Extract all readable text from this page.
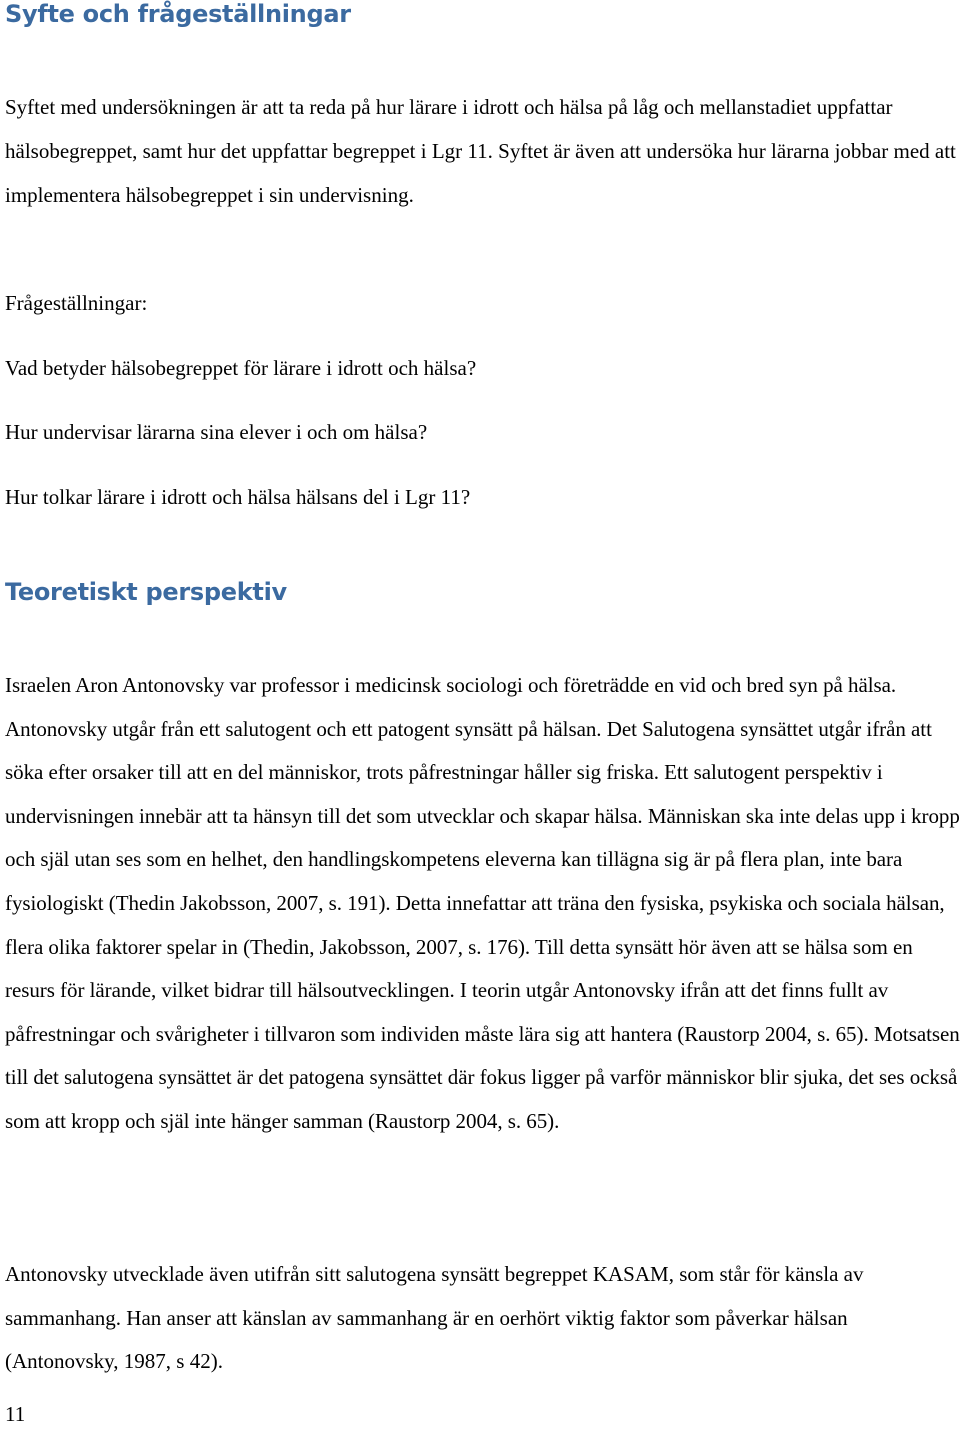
Syfte och frågeställningar

Syftet med undersökningen är att ta reda på hur lärare i idrott och hälsa på låg och mellanstadiet uppfattar hälsobegreppet, samt hur det uppfattar begreppet i Lgr 11. Syftet är även att undersöka hur lärarna jobbar med att implementera hälsobegreppet i sin undervisning.

Frågeställningar:

Vad betyder hälsobegreppet för lärare i idrott och hälsa?

Hur undervisar lärarna sina elever i och om hälsa?

Hur tolkar lärare i idrott och hälsa hälsans del i Lgr 11?

Teoretiskt perspektiv

Israelen Aron Antonovsky var professor i medicinsk sociologi och företrädde en vid och bred syn på hälsa. Antonovsky utgår från ett salutogent och ett patogent synsätt på hälsan. Det Salutogena synsättet utgår ifrån att söka efter orsaker till att en del människor, trots påfrestningar håller sig friska. Ett salutogent perspektiv i undervisningen innebär att ta hänsyn till det som utvecklar och skapar hälsa. Människan ska inte delas upp i kropp och själ utan ses som en helhet, den handlingskompetens eleverna kan tillägna sig är på flera plan, inte bara fysiologiskt (Thedin Jakobsson, 2007, s. 191). Detta innefattar att träna den fysiska, psykiska och sociala hälsan, flera olika faktorer spelar in (Thedin, Jakobsson, 2007, s. 176). Till detta synsätt hör även att se hälsa som en resurs för lärande, vilket bidrar till hälsoutvecklingen. I teorin utgår Antonovsky ifrån att det finns fullt av påfrestningar och svårigheter i tillvaron som individen måste lära sig att hantera (Raustorp 2004, s. 65). Motsatsen till det salutogena synsättet är det patogena synsättet där fokus ligger på varför människor blir sjuka, det ses också som att kropp och själ inte hänger samman (Raustorp 2004, s. 65).

Antonovsky utvecklade även utifrån sitt salutogena synsätt begreppet KASAM, som står för känsla av sammanhang. Han anser att känslan av sammanhang är en oerhört viktig faktor som påverkar hälsan (Antonovsky, 1987, s 42).

11
